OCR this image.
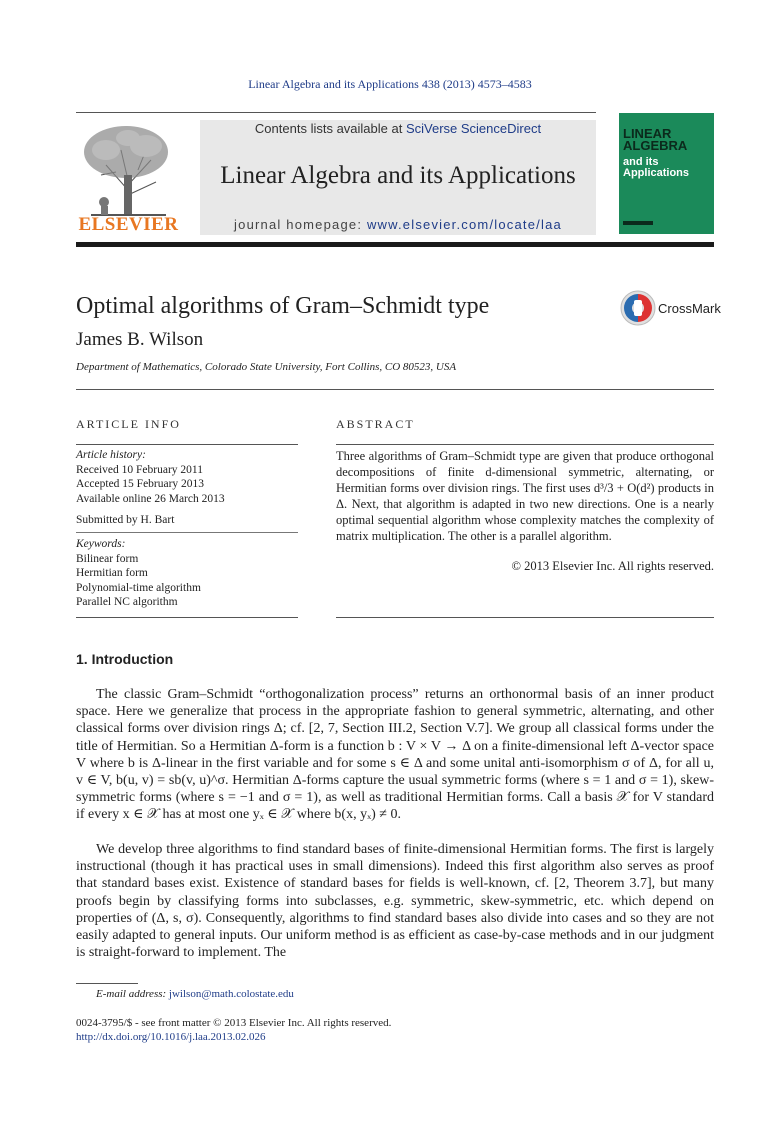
Linear Algebra and its Applications 438 (2013) 4573–4583
ELSEVIER
Contents lists available at SciVerse ScienceDirect
Linear Algebra and its Applications
journal homepage: www.elsevier.com/locate/laa
LINEAR ALGEBRA
and its Applications
Optimal algorithms of Gram–Schmidt type	CrossMark
James B. Wilson
Department of Mathematics, Colorado State University, Fort Collins, CO 80523, USA
ARTICLE INFO	ABSTRACT
Article history:
Received 10 February 2011
Accepted 15 February 2013
Available online 26 March 2013
Submitted by H. Bart
Keywords:
Bilinear form
Hermitian form
Polynomial-time algorithm
Parallel NC algorithm
Three algorithms of Gram–Schmidt type are given that produce orthogonal decompositions of finite d-dimensional symmetric, alternating, or Hermitian forms over division rings. The first uses d³/3 + O(d²) products in Δ. Next, that algorithm is adapted in two new directions. One is a nearly optimal sequential algorithm whose complexity matches the complexity of matrix multiplication. The other is a parallel algorithm.
© 2013 Elsevier Inc. All rights reserved.
1. Introduction
The classic Gram–Schmidt “orthogonalization process” returns an orthonormal basis of an inner product space. Here we generalize that process in the appropriate fashion to general symmetric, alternating, and other classical forms over division rings Δ; cf. [2, 7, Section III.2, Section V.7]. We group all classical forms under the title of Hermitian. So a Hermitian Δ-form is a function b : V × V → Δ on a finite-dimensional left Δ-vector space V where b is Δ-linear in the first variable and for some s ∈ Δ and some unital anti-isomorphism σ of Δ, for all u, v ∈ V, b(u, v) = sb(v, u)^σ. Hermitian Δ-forms capture the usual symmetric forms (where s = 1 and σ = 1), skew-symmetric forms (where s = −1 and σ = 1), as well as traditional Hermitian forms. Call a basis 𝒳 for V standard if every x ∈ 𝒳 has at most one yₓ ∈ 𝒳 where b(x, yₓ) ≠ 0.
We develop three algorithms to find standard bases of finite-dimensional Hermitian forms. The first is largely instructional (though it has practical uses in small dimensions). Indeed this first algorithm also serves as proof that standard bases exist. Existence of standard bases for fields is well-known, cf. [2, Theorem 3.7], but many proofs begin by classifying forms into subclasses, e.g. symmetric, skew-symmetric, etc. which depend on properties of (Δ, s, σ). Consequently, algorithms to find standard bases also divide into cases and so they are not easily adapted to general inputs. Our uniform method is as efficient as case-by-case methods and in our judgment is straight-forward to implement. The
E-mail address: jwilson@math.colostate.edu
0024-3795/$ - see front matter © 2013 Elsevier Inc. All rights reserved.
http://dx.doi.org/10.1016/j.laa.2013.02.026
